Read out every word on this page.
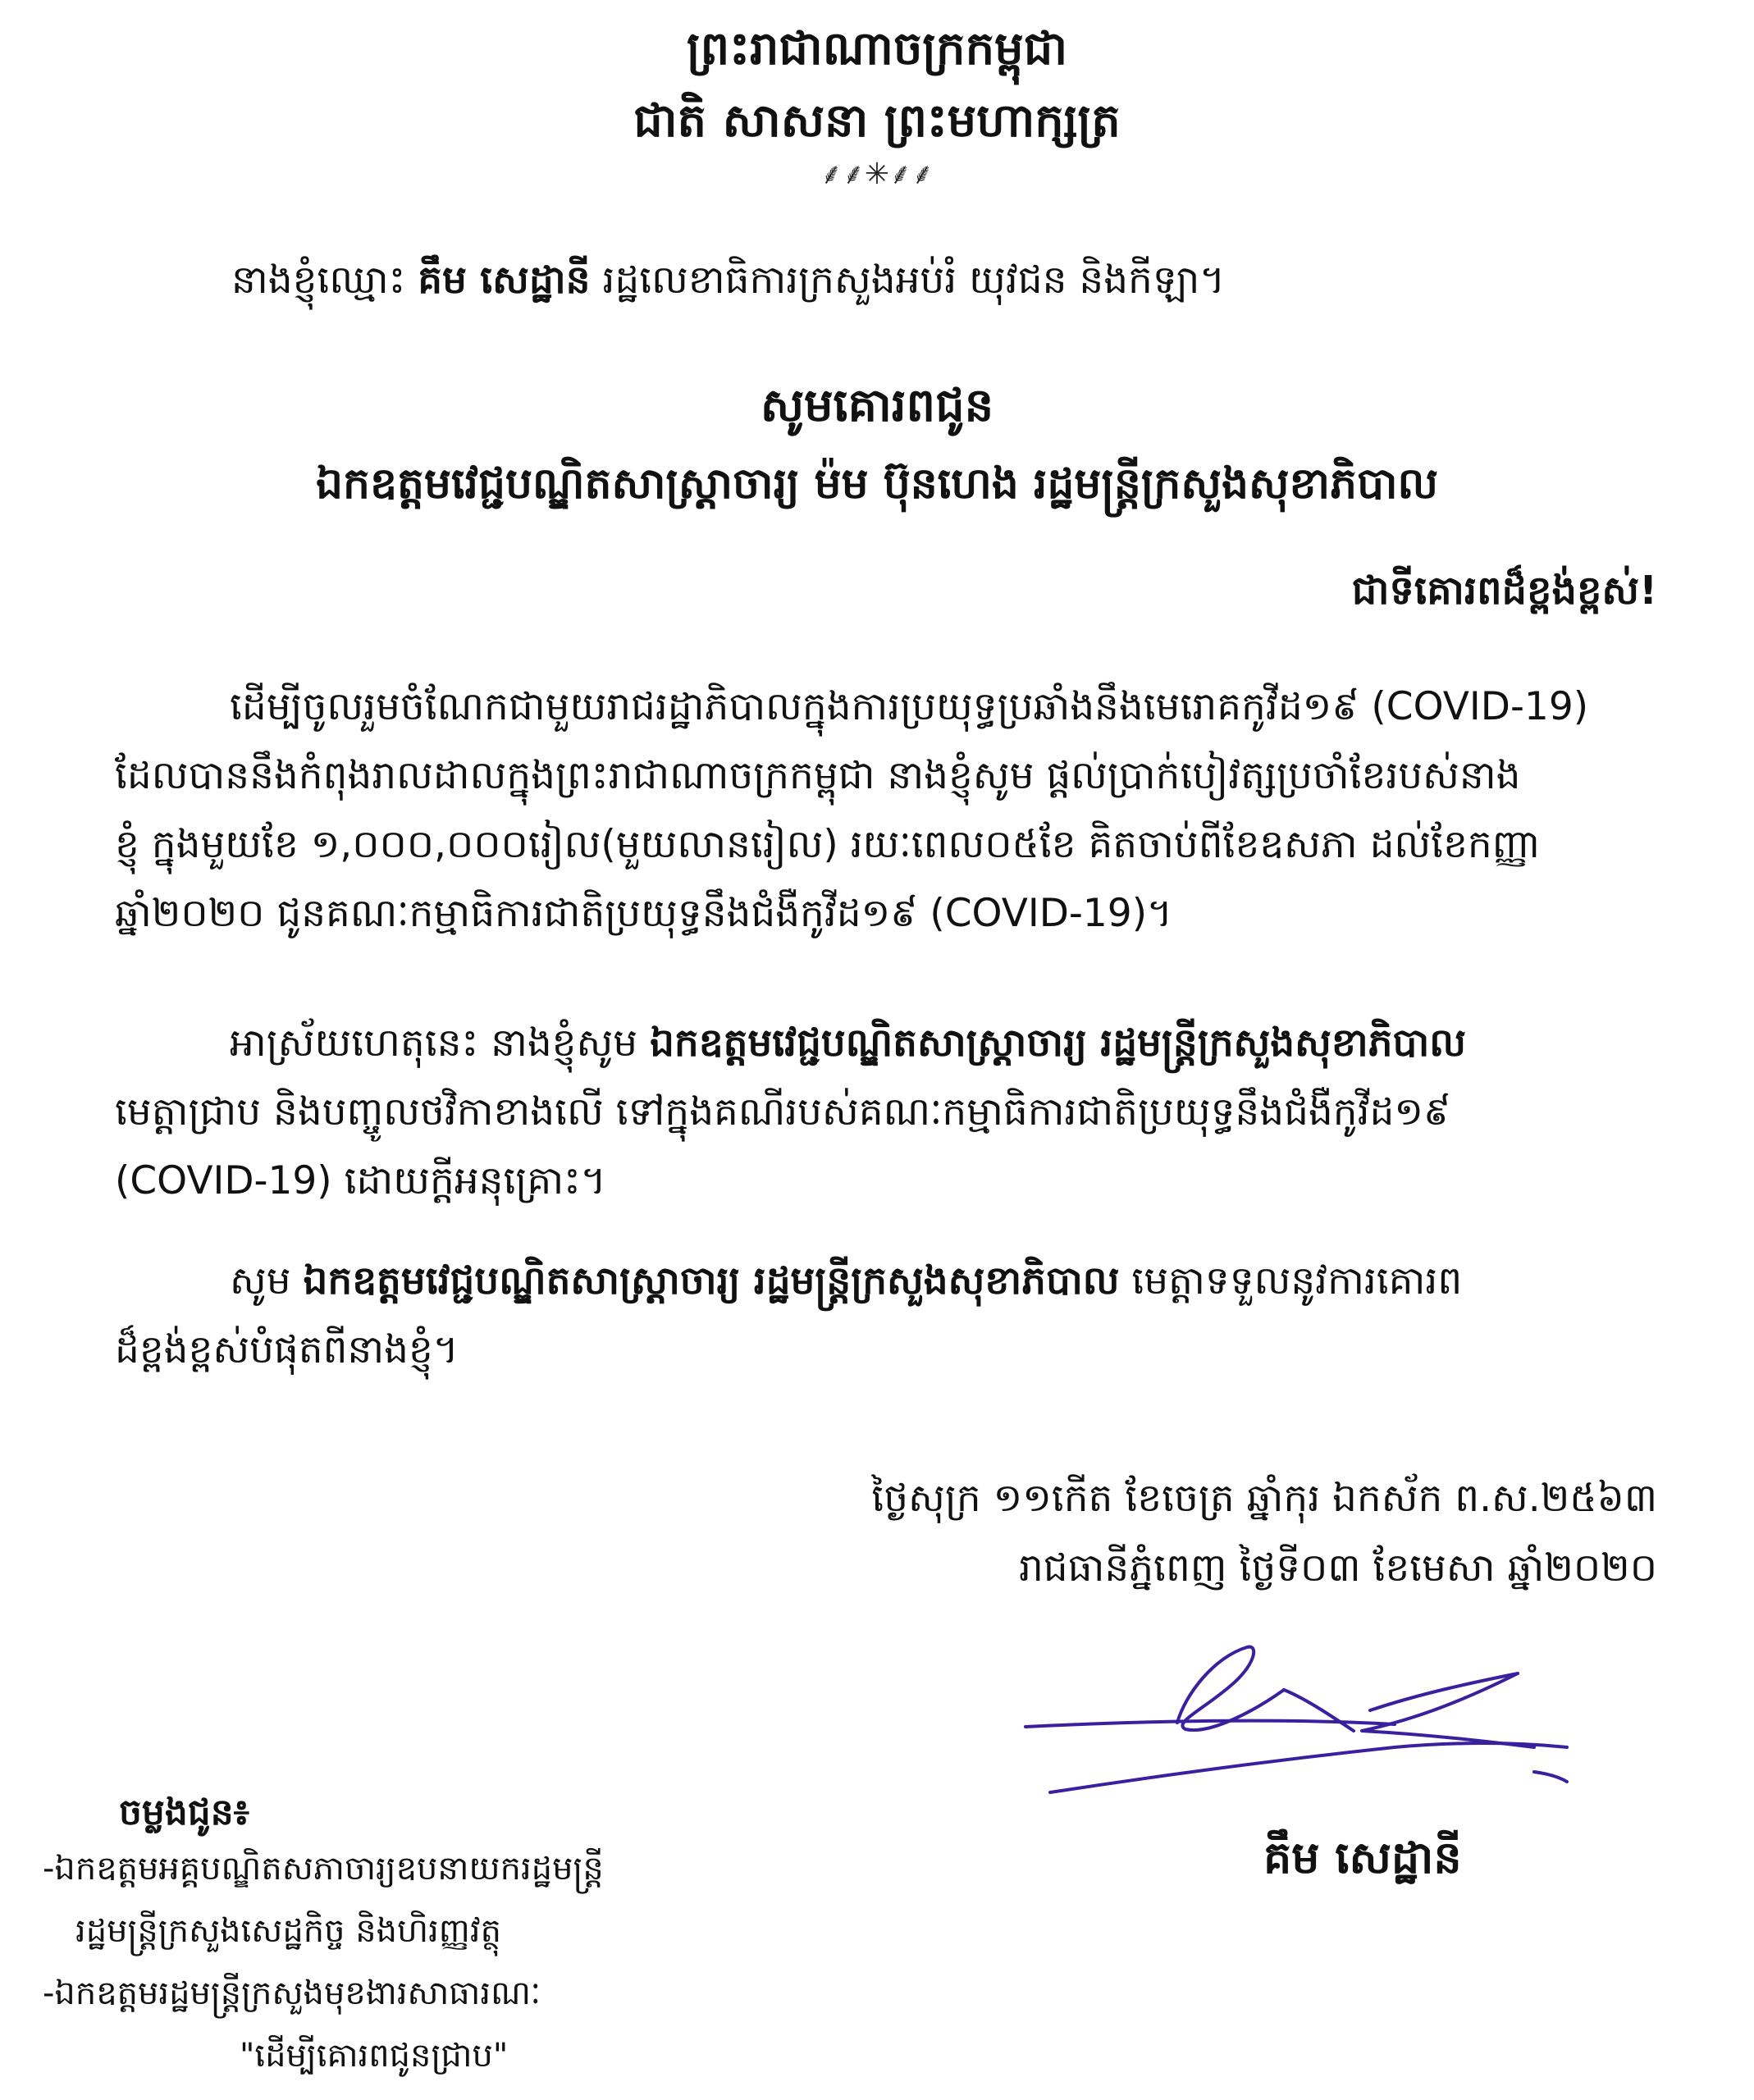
ព្រះរាជាណាចក្រកម្ពុជា
ជាតិ សាសនា ព្រះមហាក្សត្រ
⸙⸙✳⸙⸙
នាងខ្ញុំឈ្មោះ គឹម សេដ្ឋានី រដ្ឋលេខាធិការក្រសួងអប់រំ យុវជន និងកីឡា។
សូមគោរពជូន
ឯកឧត្តមវេជ្ជបណ្ឌិតសាស្ត្រាចារ្យ ម៉ម ប៊ុនហេង រដ្ឋមន្ត្រីក្រសួងសុខាភិបាល
ជាទីគោរពដ៏ខ្ពង់ខ្ពស់!
ដើម្បីចូលរួមចំណែកជាមួយរាជរដ្ឋាភិបាលក្នុងការប្រយុទ្ធប្រឆាំងនឹងមេរោគកូវីដ១៩ (COVID-19)
ដែលបាននឹងកំពុងរាលដាលក្នុងព្រះរាជាណាចក្រកម្ពុជា នាងខ្ញុំសូម ផ្តល់ប្រាក់បៀវត្សប្រចាំខែរបស់នាង
ខ្ញុំ ក្នុងមួយខែ ១,០០០,០០០រៀល(មួយលានរៀល) រយៈពេល០៥ខែ គិតចាប់ពីខែឧសភា ដល់ខែកញ្ញា
ឆ្នាំ២០២០ ជូនគណៈកម្មាធិការជាតិប្រយុទ្ធនឹងជំងឺកូវីដ១៩ (COVID-19)។
អាស្រ័យហេតុនេះ នាងខ្ញុំសូម ឯកឧត្តមវេជ្ជបណ្ឌិតសាស្ត្រាចារ្យ រដ្ឋមន្ត្រីក្រសួងសុខាភិបាល
មេត្តាជ្រាប និងបញ្ចូលថវិកាខាងលើ ទៅក្នុងគណីរបស់គណៈកម្មាធិការជាតិប្រយុទ្ធនឹងជំងឺកូវីដ១៩
(COVID-19) ដោយក្តីអនុគ្រោះ។
សូម ឯកឧត្តមវេជ្ជបណ្ឌិតសាស្ត្រាចារ្យ រដ្ឋមន្ត្រីក្រសួងសុខាភិបាល មេត្តាទទួលនូវការគោរព
ដ៏ខ្ពង់ខ្ពស់បំផុតពីនាងខ្ញុំ។
ថ្ងៃសុក្រ ១១កើត ខែចេត្រ ឆ្នាំកុរ ឯកស័ក ព.ស.២៥៦៣
រាជធានីភ្នំពេញ ថ្ងៃទី០៣ ខែមេសា ឆ្នាំ២០២០
គឹម សេដ្ឋានី
ចម្លងជូន៖
-ឯកឧត្តមអគ្គបណ្ឌិតសភាចារ្យឧបនាយករដ្ឋមន្ត្រី
រដ្ឋមន្ត្រីក្រសួងសេដ្ឋកិច្ច និងហិរញ្ញវត្ថុ
-ឯកឧត្តមរដ្ឋមន្ត្រីក្រសួងមុខងារសាធារណៈ
"ដើម្បីគោរពជូនជ្រាប"
